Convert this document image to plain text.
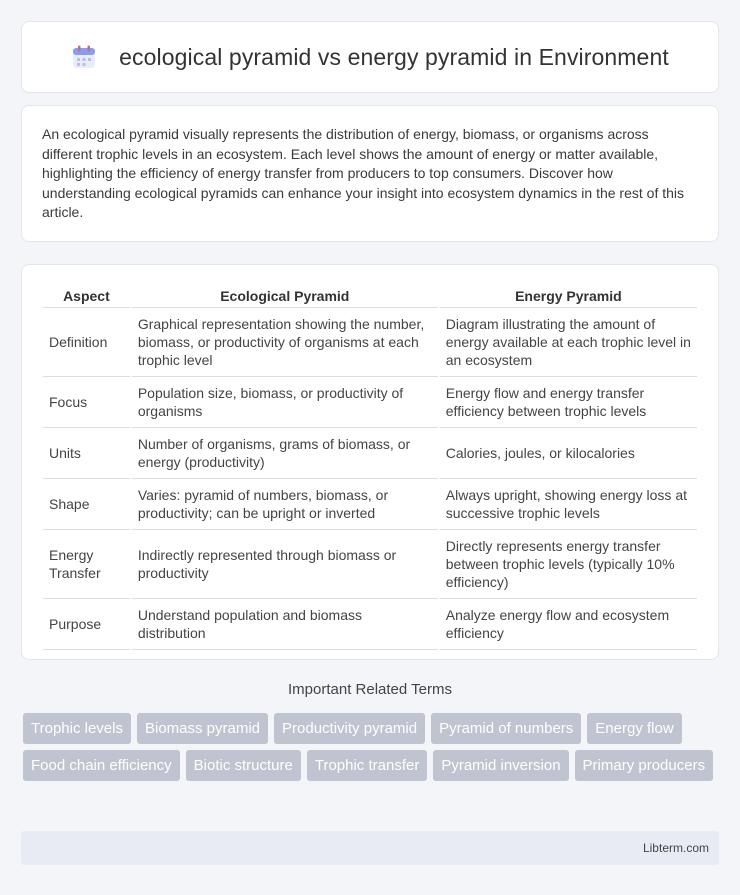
ecological pyramid vs energy pyramid in Environment

An ecological pyramid visually represents the distribution of energy, biomass, or organisms across different trophic levels in an ecosystem. Each level shows the amount of energy or matter available, highlighting the efficiency of energy transfer from producers to top consumers. Discover how understanding ecological pyramids can enhance your insight into ecosystem dynamics in the rest of this article.

Aspect	Ecological Pyramid	Energy Pyramid
Definition	Graphical representation showing the number, biomass, or productivity of organisms at each trophic level	Diagram illustrating the amount of energy available at each trophic level in an ecosystem
Focus	Population size, biomass, or productivity of organisms	Energy flow and energy transfer efficiency between trophic levels
Units	Number of organisms, grams of biomass, or energy (productivity)	Calories, joules, or kilocalories
Shape	Varies: pyramid of numbers, biomass, or productivity; can be upright or inverted	Always upright, showing energy loss at successive trophic levels
Energy Transfer	Indirectly represented through biomass or productivity	Directly represents energy transfer between trophic levels (typically 10% efficiency)
Purpose	Understand population and biomass distribution	Analyze energy flow and ecosystem efficiency
Important Related Terms
Trophic levels	Biomass pyramid	Productivity pyramid	Pyramid of numbers	Energy flow
Food chain efficiency	Biotic structure	Trophic transfer	Pyramid inversion	Primary producers
Libterm.com
